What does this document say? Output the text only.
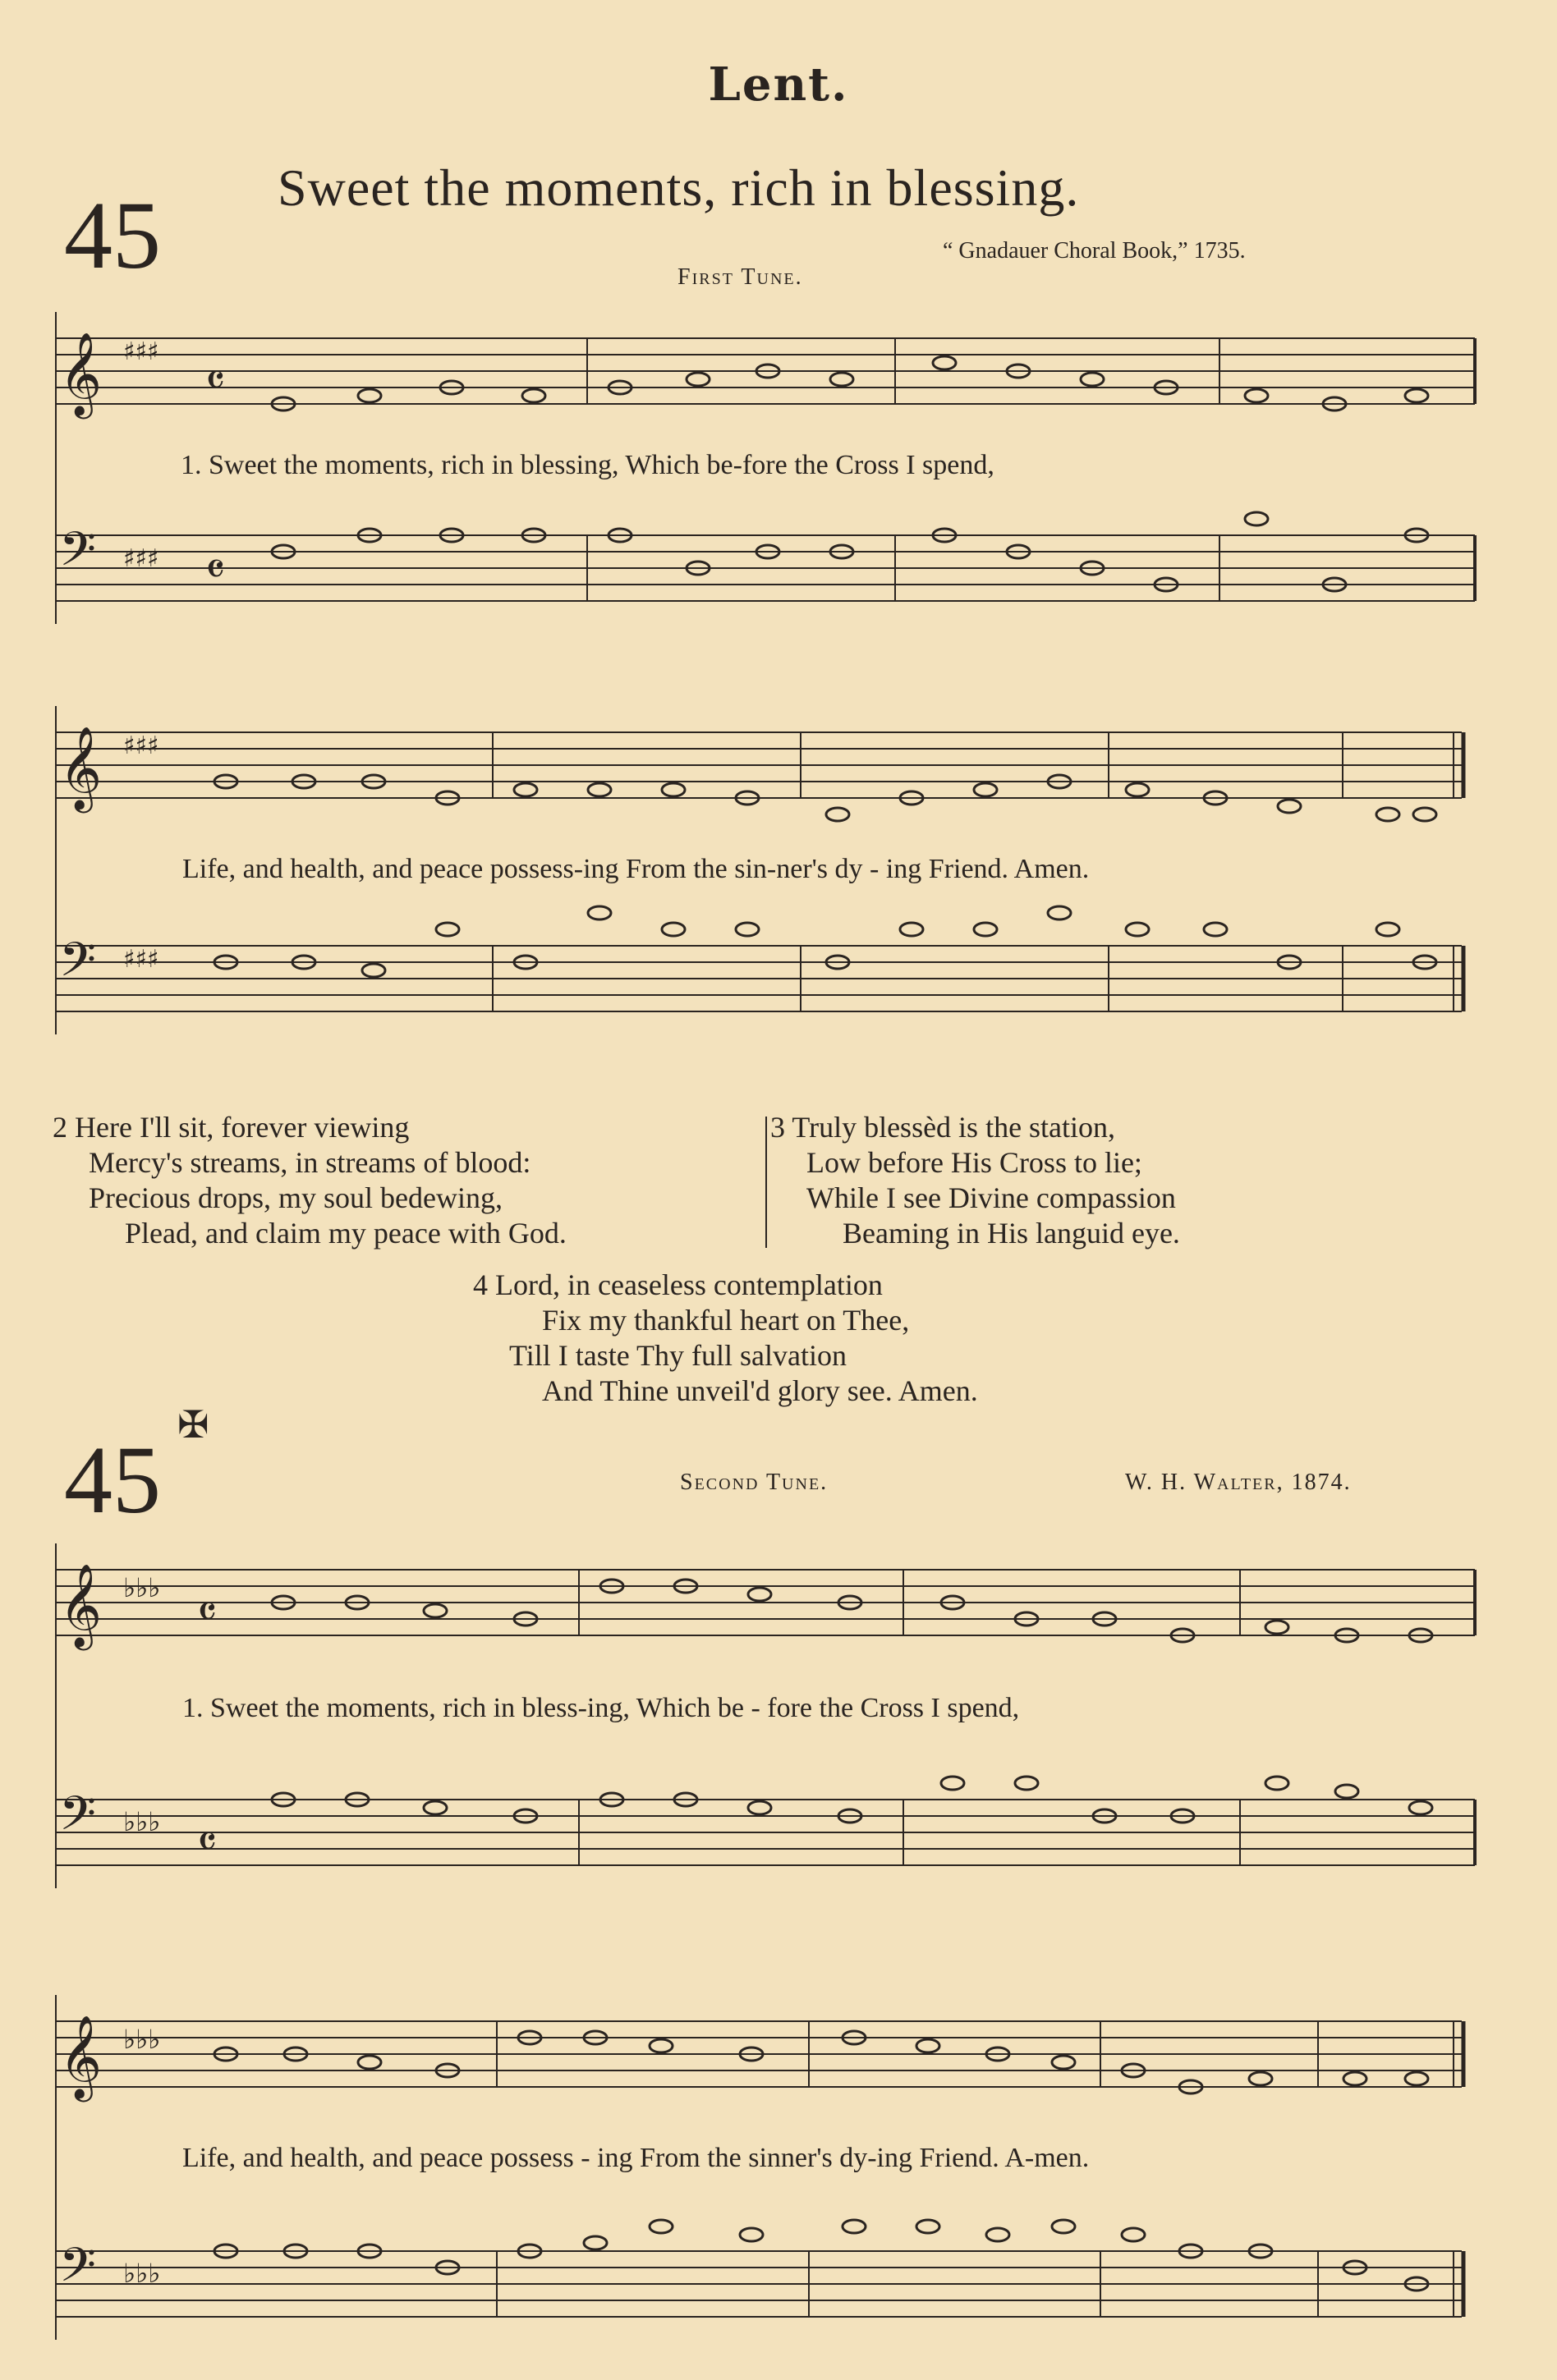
Lent.
45 Sweet the moments, rich in blessing.
“ Gnadauer Choral Book,” 1735.
First Tune.
𝄞
𝄢
𝄞
𝄢
♯♯♯
𝄴
♯♯♯ 𝄴
♯♯♯
♯♯♯
1. Sweet the moments, rich in blessing, Which be-fore the Cross I spend,
Life, and health, and peace possess-ing From the sin-ner's dy - ing Friend. Amen.
2 Here I'll sit, forever viewing
Mercy's streams, in streams of blood:
Precious drops, my soul bedewing,
Plead, and claim my peace with God.
3 Truly blessèd is the station,
Low before His Cross to lie;
While I see Divine compassion
Beaming in His languid eye.
4 Lord, in ceaseless contemplation
Fix my thankful heart on Thee,
Till I taste Thy full salvation
And Thine unveil'd glory see. Amen.
45
✠
Second Tune.	W. H. Walter, 1874.
𝄞
𝄢
𝄞
𝄢
♭♭♭ 𝄴
♭♭♭ 𝄴
♭♭♭
♭♭♭
1. Sweet the moments, rich in bless-ing, Which be - fore the Cross I spend,
Life, and health, and peace possess - ing From the sinner's dy-ing Friend. A-men.
